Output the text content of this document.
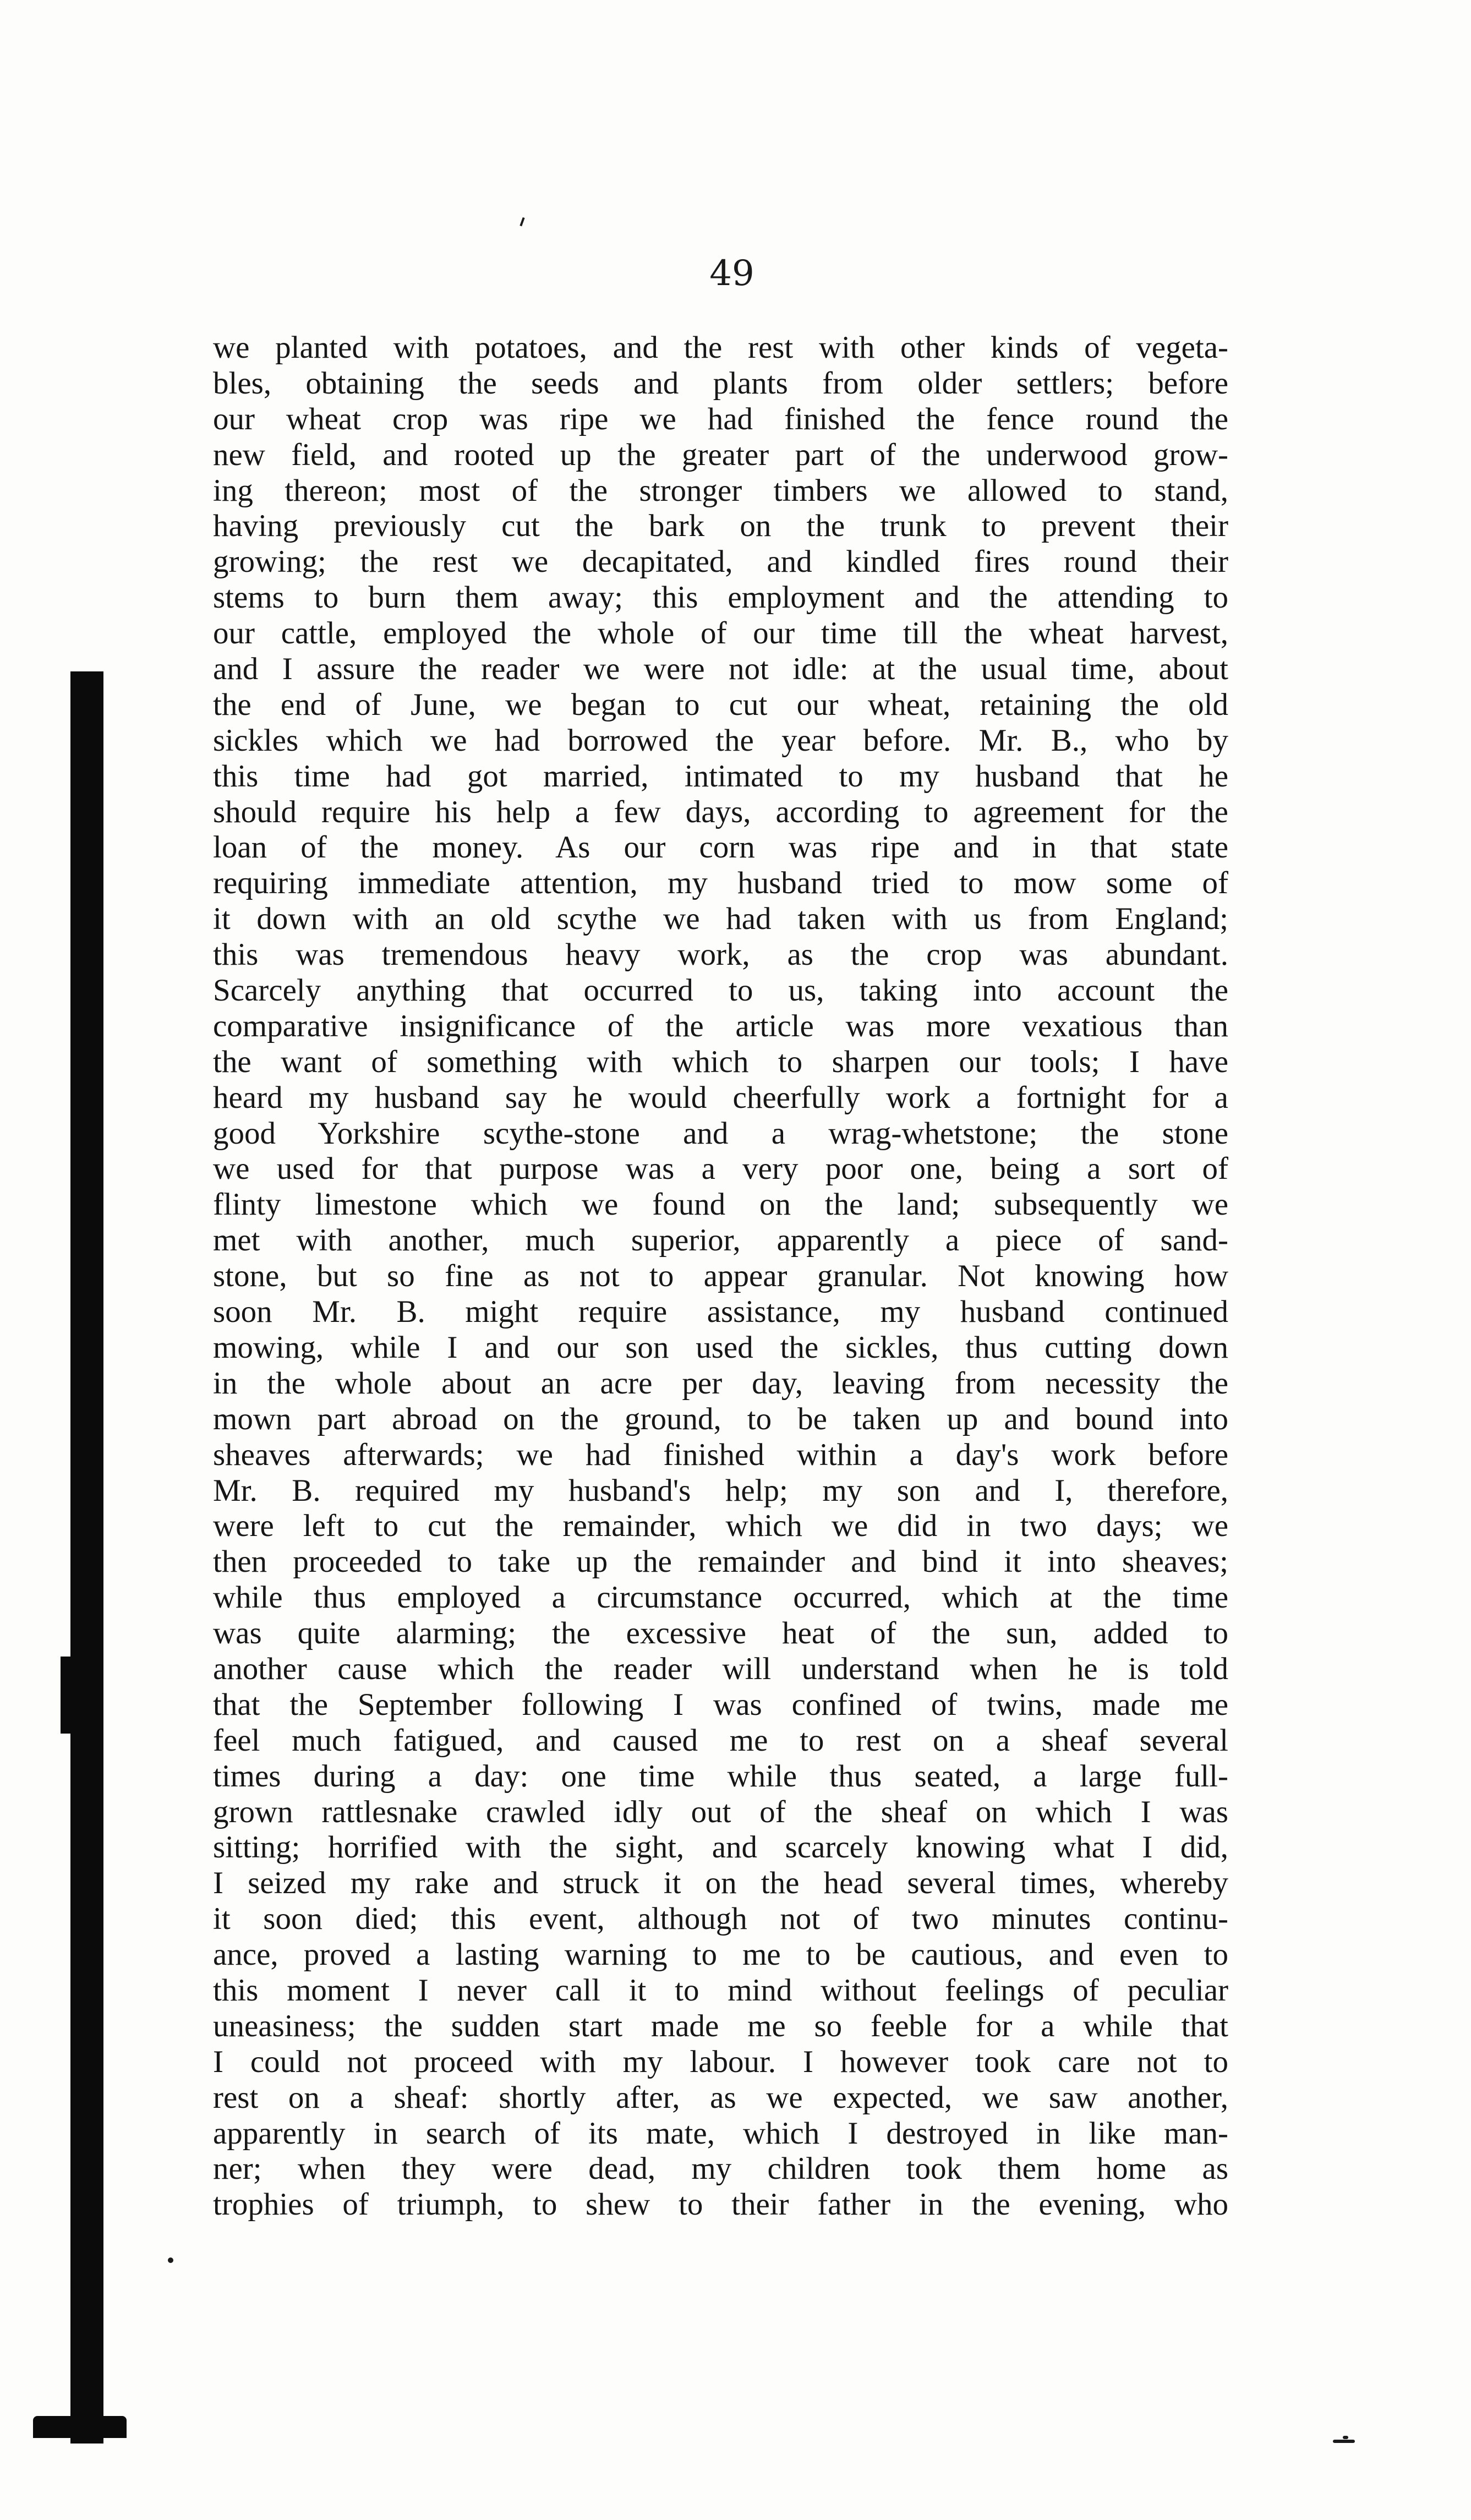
49
we planted with potatoes, and the rest with other kinds of vegeta-
bles, obtaining the seeds and plants from older settlers; before
our wheat crop was ripe we had finished the fence round the
new field, and rooted up the greater part of the underwood grow-
ing thereon; most of the stronger timbers we allowed to stand,
having previously cut the bark on the trunk to prevent their
growing; the rest we decapitated, and kindled fires round their
stems to burn them away; this employment and the attending to
our cattle, employed the whole of our time till the wheat harvest,
and I assure the reader we were not idle: at the usual time, about
the end of June, we began to cut our wheat, retaining the old
sickles which we had borrowed the year before. Mr. B., who by
this time had got married, intimated to my husband that he
should require his help a few days, according to agreement for the
loan of the money. As our corn was ripe and in that state
requiring immediate attention, my husband tried to mow some of
it down with an old scythe we had taken with us from England;
this was tremendous heavy work, as the crop was abundant.
Scarcely anything that occurred to us, taking into account the
comparative insignificance of the article was more vexatious than
the want of something with which to sharpen our tools; I have
heard my husband say he would cheerfully work a fortnight for a
good Yorkshire scythe-stone and a wrag-whetstone; the stone
we used for that purpose was a very poor one, being a sort of
flinty limestone which we found on the land; subsequently we
met with another, much superior, apparently a piece of sand-
stone, but so fine as not to appear granular. Not knowing how
soon Mr. B. might require assistance, my husband continued
mowing, while I and our son used the sickles, thus cutting down
in the whole about an acre per day, leaving from necessity the
mown part abroad on the ground, to be taken up and bound into
sheaves afterwards; we had finished within a day's work before
Mr. B. required my husband's help; my son and I, therefore,
were left to cut the remainder, which we did in two days; we
then proceeded to take up the remainder and bind it into sheaves;
while thus employed a circumstance occurred, which at the time
was quite alarming; the excessive heat of the sun, added to
another cause which the reader will understand when he is told
that the September following I was confined of twins, made me
feel much fatigued, and caused me to rest on a sheaf several
times during a day: one time while thus seated, a large full-
grown rattlesnake crawled idly out of the sheaf on which I was
sitting; horrified with the sight, and scarcely knowing what I did,
I seized my rake and struck it on the head several times, whereby
it soon died; this event, although not of two minutes continu-
ance, proved a lasting warning to me to be cautious, and even to
this moment I never call it to mind without feelings of peculiar
uneasiness; the sudden start made me so feeble for a while that
I could not proceed with my labour. I however took care not to
rest on a sheaf: shortly after, as we expected, we saw another,
apparently in search of its mate, which I destroyed in like man-
ner; when they were dead, my children took them home as
trophies of triumph, to shew to their father in the evening, who
